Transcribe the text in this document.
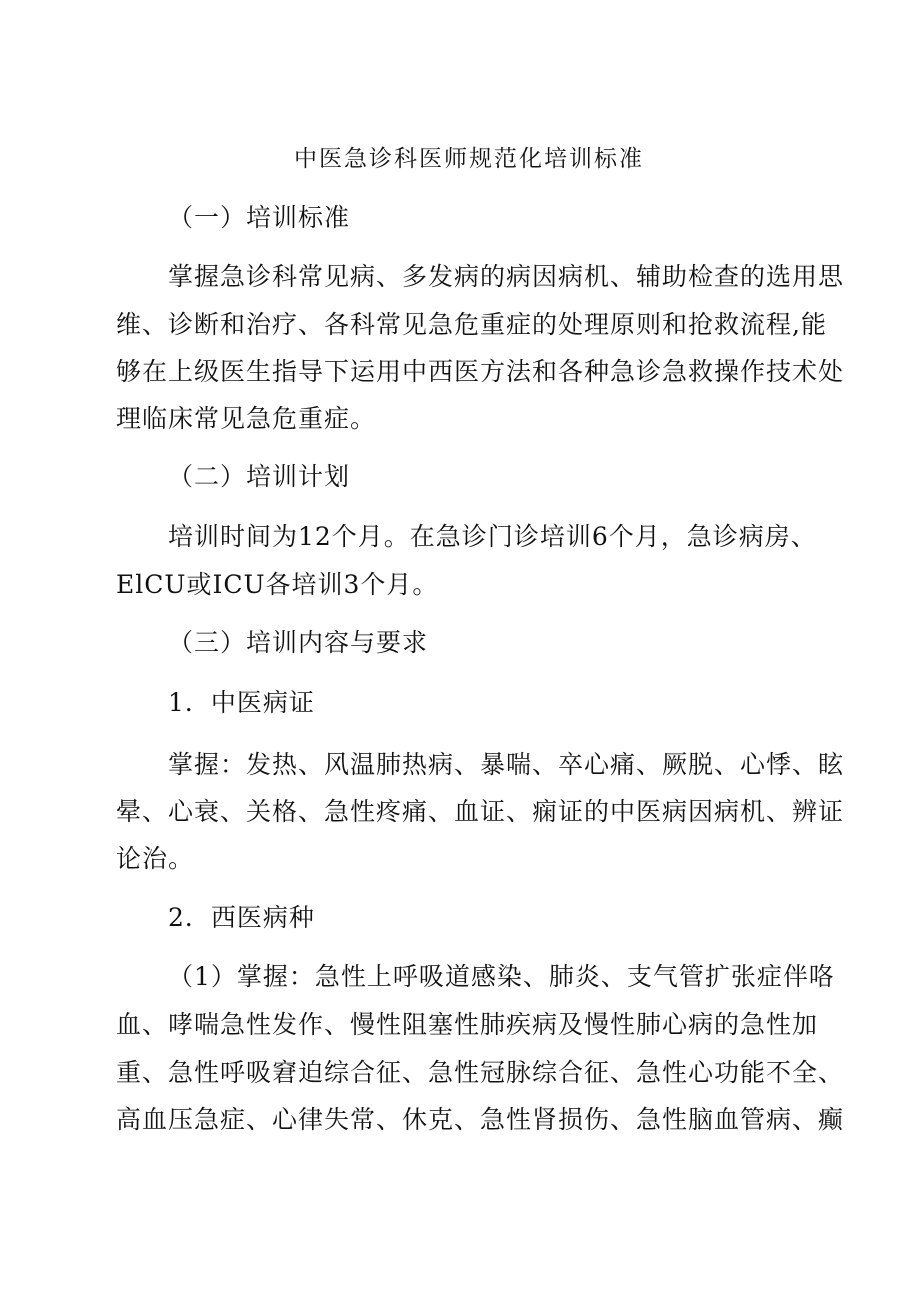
中医急诊科医师规范化培训标准
（一）培训标准
掌握急诊科常见病、多发病的病因病机、辅助检查的选用思
维、诊断和治疗、各科常见急危重症的处理原则和抢救流程,能
够在上级医生指导下运用中西医方法和各种急诊急救操作技术处
理临床常见急危重症。
（二）培训计划
培训时间为12个月。在急诊门诊培训6个月，急诊病房、
ElCU或ICU各培训3个月。
（三）培训内容与要求
1．中医病证
掌握：发热、风温肺热病、暴喘、卒心痛、厥脱、心悸、眩
晕、心衰、关格、急性疼痛、血证、痫证的中医病因病机、辨证
论治。
2．西医病种
（1）掌握：急性上呼吸道感染、肺炎、支气管扩张症伴咯
血、哮喘急性发作、慢性阻塞性肺疾病及慢性肺心病的急性加
重、急性呼吸窘迫综合征、急性冠脉综合征、急性心功能不全、
高血压急症、心律失常、休克、急性肾损伤、急性脑血管病、癫
